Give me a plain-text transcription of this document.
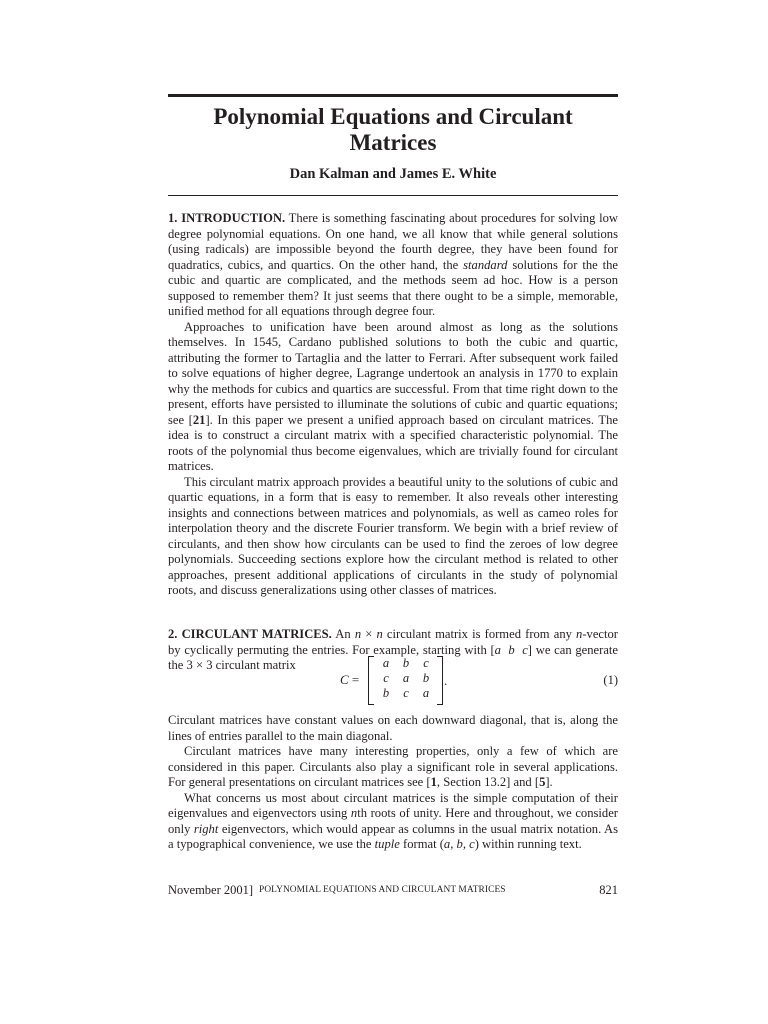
Polynomial Equations and Circulant Matrices
Dan Kalman and James E. White

1. INTRODUCTION. There is something fascinating about procedures for solving low degree polynomial equations. On one hand, we all know that while general solutions (using radicals) are impossible beyond the fourth degree, they have been found for quadratics, cubics, and quartics. On the other hand, the standard solutions for the the cubic and quartic are complicated, and the methods seem ad hoc. How is a person supposed to remember them? It just seems that there ought to be a simple, memorable, unified method for all equations through degree four.

Approaches to unification have been around almost as long as the solutions themselves. In 1545, Cardano published solutions to both the cubic and quartic, attributing the former to Tartaglia and the latter to Ferrari. After subsequent work failed to solve equations of higher degree, Lagrange undertook an analysis in 1770 to explain why the methods for cubics and quartics are successful. From that time right down to the present, efforts have persisted to illuminate the solutions of cubic and quartic equations; see [21]. In this paper we present a unified approach based on circulant matrices. The idea is to construct a circulant matrix with a specified characteristic polynomial. The roots of the polynomial thus become eigenvalues, which are trivially found for circulant matrices.

This circulant matrix approach provides a beautiful unity to the solutions of cubic and quartic equations, in a form that is easy to remember. It also reveals other interesting insights and connections between matrices and polynomials, as well as cameo roles for interpolation theory and the discrete Fourier transform. We begin with a brief review of circulants, and then show how circulants can be used to find the zeroes of low degree polynomials. Succeeding sections explore how the circulant method is related to other approaches, present additional applications of circulants in the study of polynomial roots, and discuss generalizations using other classes of matrices.

2. CIRCULANT MATRICES. An n × n circulant matrix is formed from any n-vector by cyclically permuting the entries. For example, starting with [a  b  c] we can generate the 3 × 3 circulant matrix

C =
a	b	c
c	a	b
b	c	a
.	(1)

Circulant matrices have constant values on each downward diagonal, that is, along the lines of entries parallel to the main diagonal.

Circulant matrices have many interesting properties, only a few of which are considered in this paper. Circulants also play a significant role in several applications. For general presentations on circulant matrices see [1, Section 13.2] and [5].

What concerns us most about circulant matrices is the simple computation of their eigenvalues and eigenvectors using nth roots of unity. Here and throughout, we consider only right eigenvectors, which would appear as columns in the usual matrix notation. As a typographical convenience, we use the tuple format (a, b, c) within running text.

November 2001] POLYNOMIAL EQUATIONS AND CIRCULANT MATRICES	821
